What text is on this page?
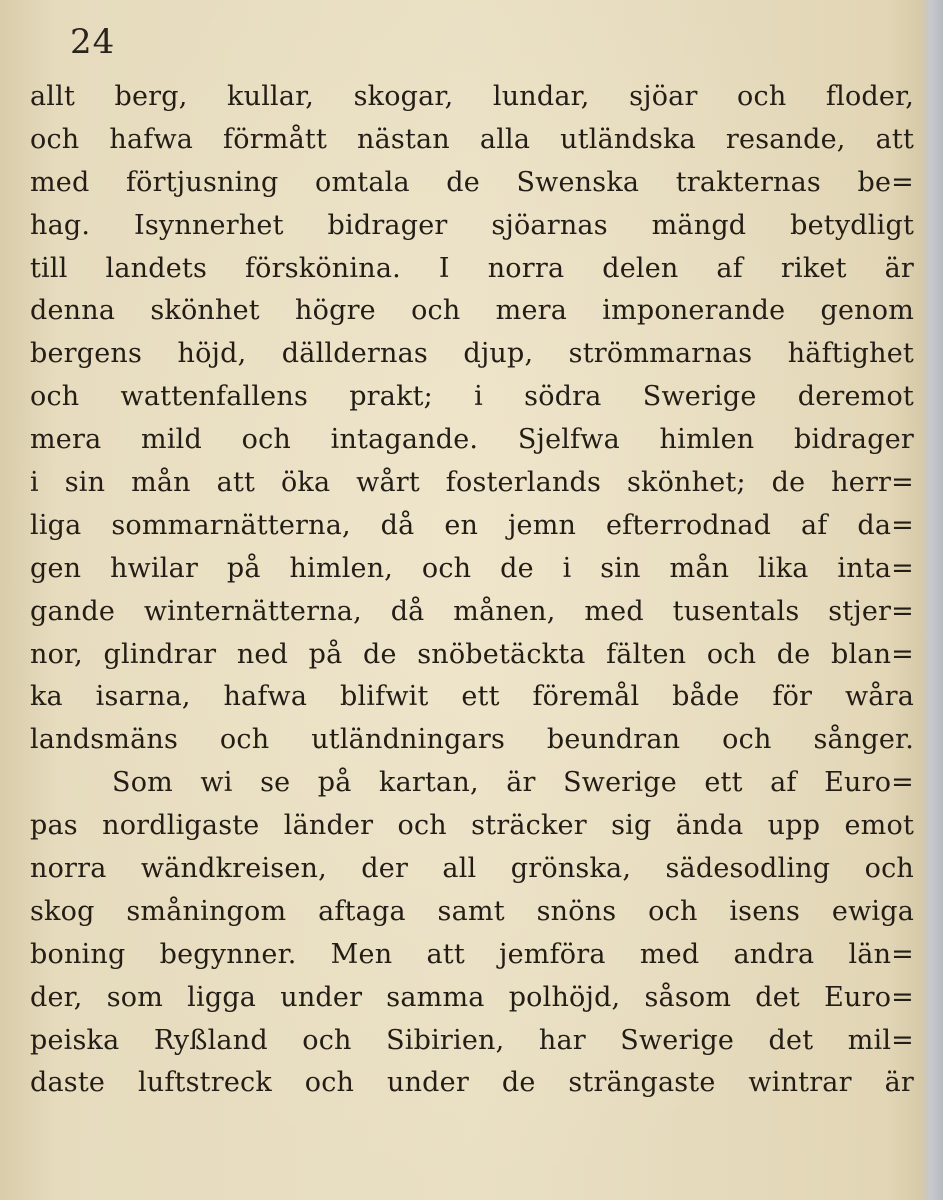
24
allt berg, kullar, skogar, lundar, sjöar och floder,
och hafwa förmått nästan alla utländska resande, att
med förtjusning omtala de Swenska trakternas be=
hag. Isynnerhet bidrager sjöarnas mängd betydligt
till landets förskönina. I norra delen af riket är
denna skönhet högre och mera imponerande genom
bergens höjd, dälldernas djup, strömmarnas häftighet
och wattenfallens prakt; i södra Swerige deremot
mera mild och intagande. Sjelfwa himlen bidrager
i sin mån att öka wårt fosterlands skönhet; de herr=
liga sommarnätterna, då en jemn efterrodnad af da=
gen hwilar på himlen, och de i sin mån lika inta=
gande winternätterna, då månen, med tusentals stjer=
nor, glindrar ned på de snöbetäckta fälten och de blan=
ka isarna, hafwa blifwit ett föremål både för wåra
landsmäns och utländningars beundran och sånger.
Som wi se på kartan, är Swerige ett af Euro=
pas nordligaste länder och sträcker sig ända upp emot
norra wändkreisen, der all grönska, sädesodling och
skog småningom aftaga samt snöns och isens ewiga
boning begynner. Men att jemföra med andra län=
der, som ligga under samma polhöjd, såsom det Euro=
peiska Ryßland och Sibirien, har Swerige det mil=
daste luftstreck och under de strängaste wintrar är
